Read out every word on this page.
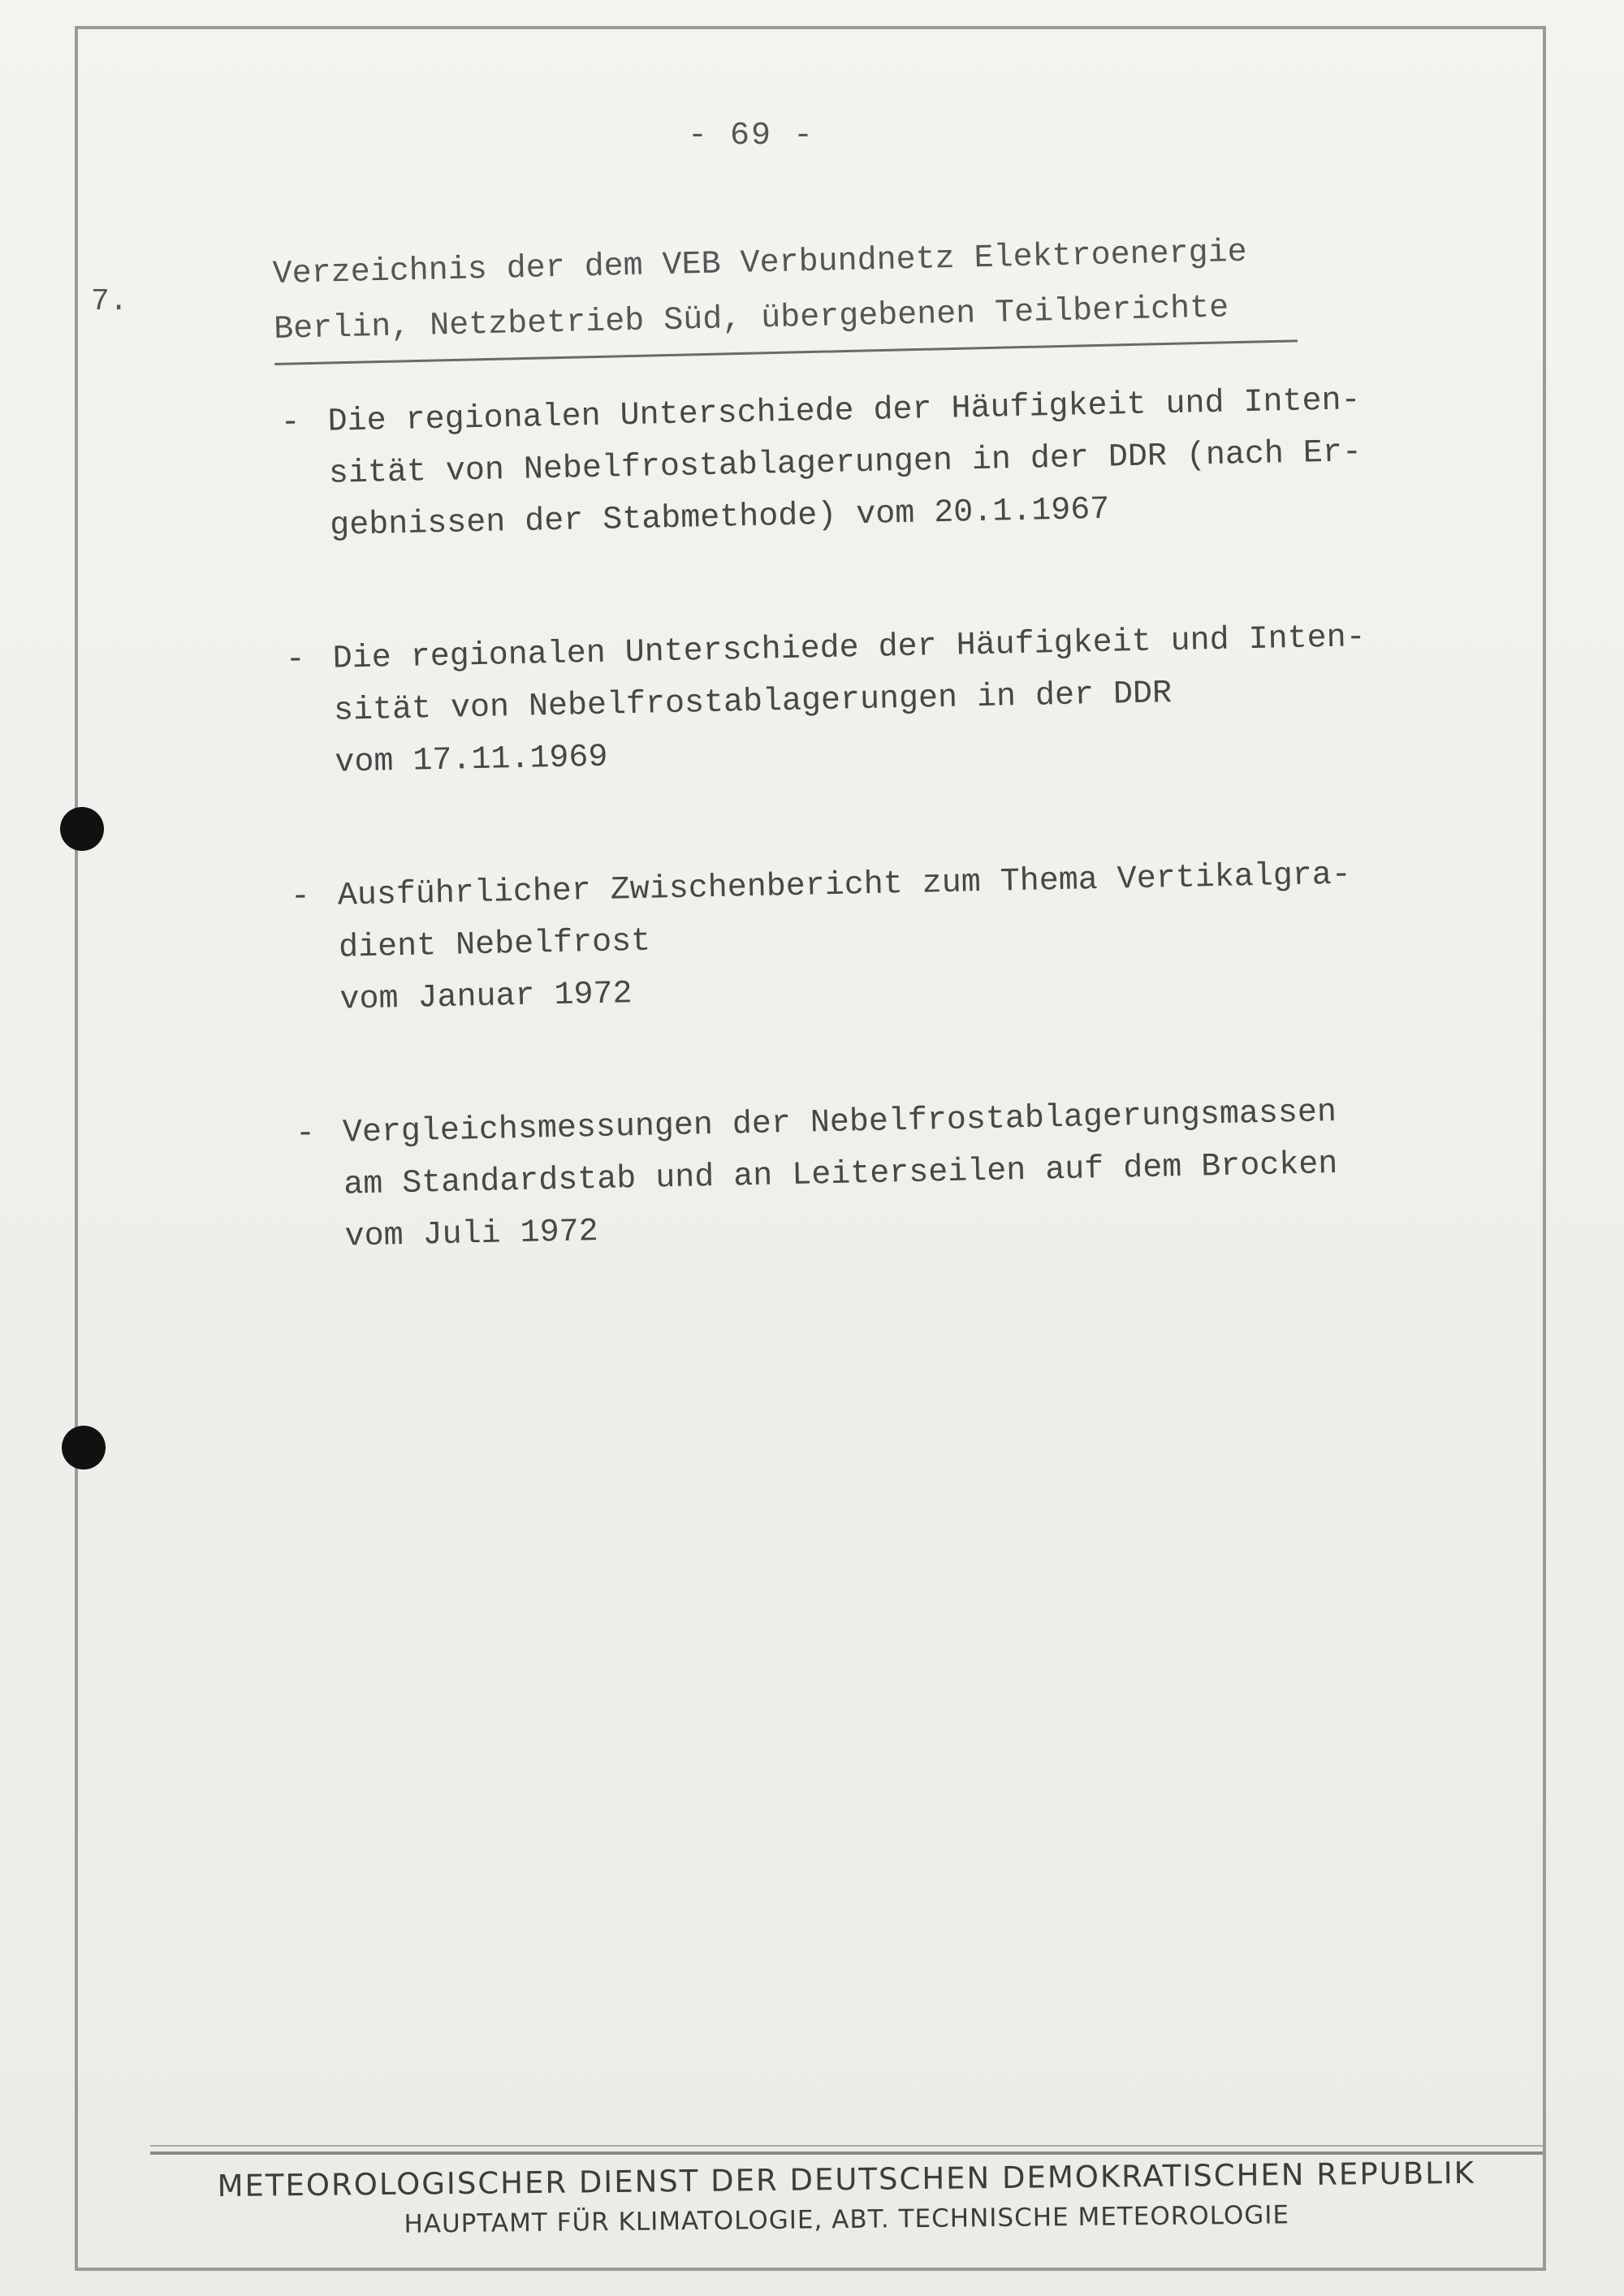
- 69 -
7.
Verzeichnis der dem VEB Verbundnetz Elektroenergie
Berlin, Netzbetrieb Süd, übergebenen Teilberichte
- Die regionalen Unterschiede der Häufigkeit und Inten-
sität von Nebelfrostablagerungen in der DDR (nach Er-
gebnissen der Stabmethode) vom 20.1.1967
- Die regionalen Unterschiede der Häufigkeit und Inten-
sität von Nebelfrostablagerungen in der DDR
vom 17.11.1969
- Ausführlicher Zwischenbericht zum Thema Vertikalgra-
dient Nebelfrost
vom Januar 1972
- Vergleichsmessungen der Nebelfrostablagerungsmassen
am Standardstab und an Leiterseilen auf dem Brocken
vom Juli 1972
METEOROLOGISCHER DIENST DER DEUTSCHEN DEMOKRATISCHEN REPUBLIK
HAUPTAMT FÜR KLIMATOLOGIE, ABT. TECHNISCHE METEOROLOGIE
